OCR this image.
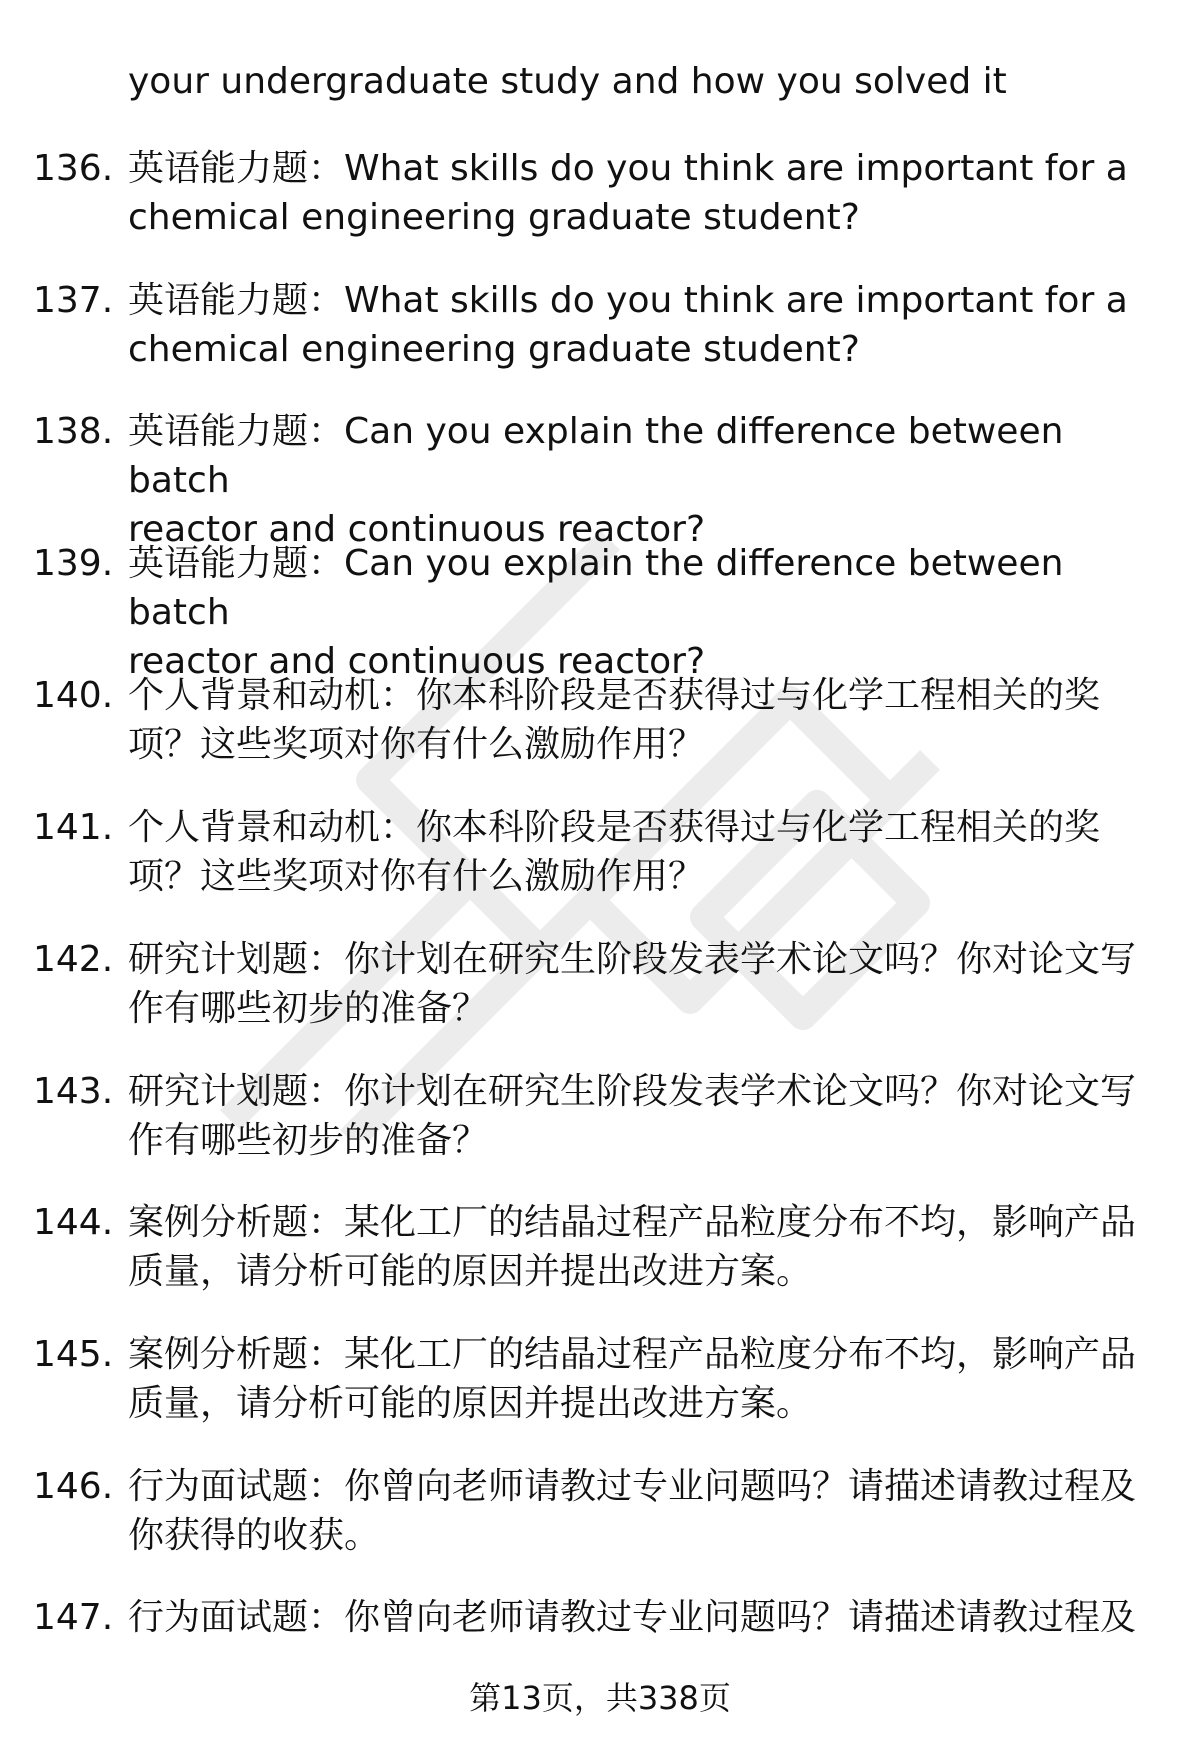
your undergraduate study and how you solved it
136. 英语能力题：What skills do you think are important for a
chemical engineering graduate student?
137. 英语能力题：What skills do you think are important for a
chemical engineering graduate student?
138. 英语能力题：Can you explain the difference between batch
reactor and continuous reactor?
139. 英语能力题：Can you explain the difference between batch
reactor and continuous reactor?
140. 个人背景和动机：你本科阶段是否获得过与化学工程相关的奖
项？这些奖项对你有什么激励作用？
141. 个人背景和动机：你本科阶段是否获得过与化学工程相关的奖
项？这些奖项对你有什么激励作用？
142. 研究计划题：你计划在研究生阶段发表学术论文吗？你对论文写
作有哪些初步的准备？
143. 研究计划题：你计划在研究生阶段发表学术论文吗？你对论文写
作有哪些初步的准备？
144. 案例分析题：某化工厂的结晶过程产品粒度分布不均，影响产品
质量，请分析可能的原因并提出改进方案。
145. 案例分析题：某化工厂的结晶过程产品粒度分布不均，影响产品
质量，请分析可能的原因并提出改进方案。
146. 行为面试题：你曾向老师请教过专业问题吗？请描述请教过程及
你获得的收获。
147. 行为面试题：你曾向老师请教过专业问题吗？请描述请教过程及
第13页，共338页
